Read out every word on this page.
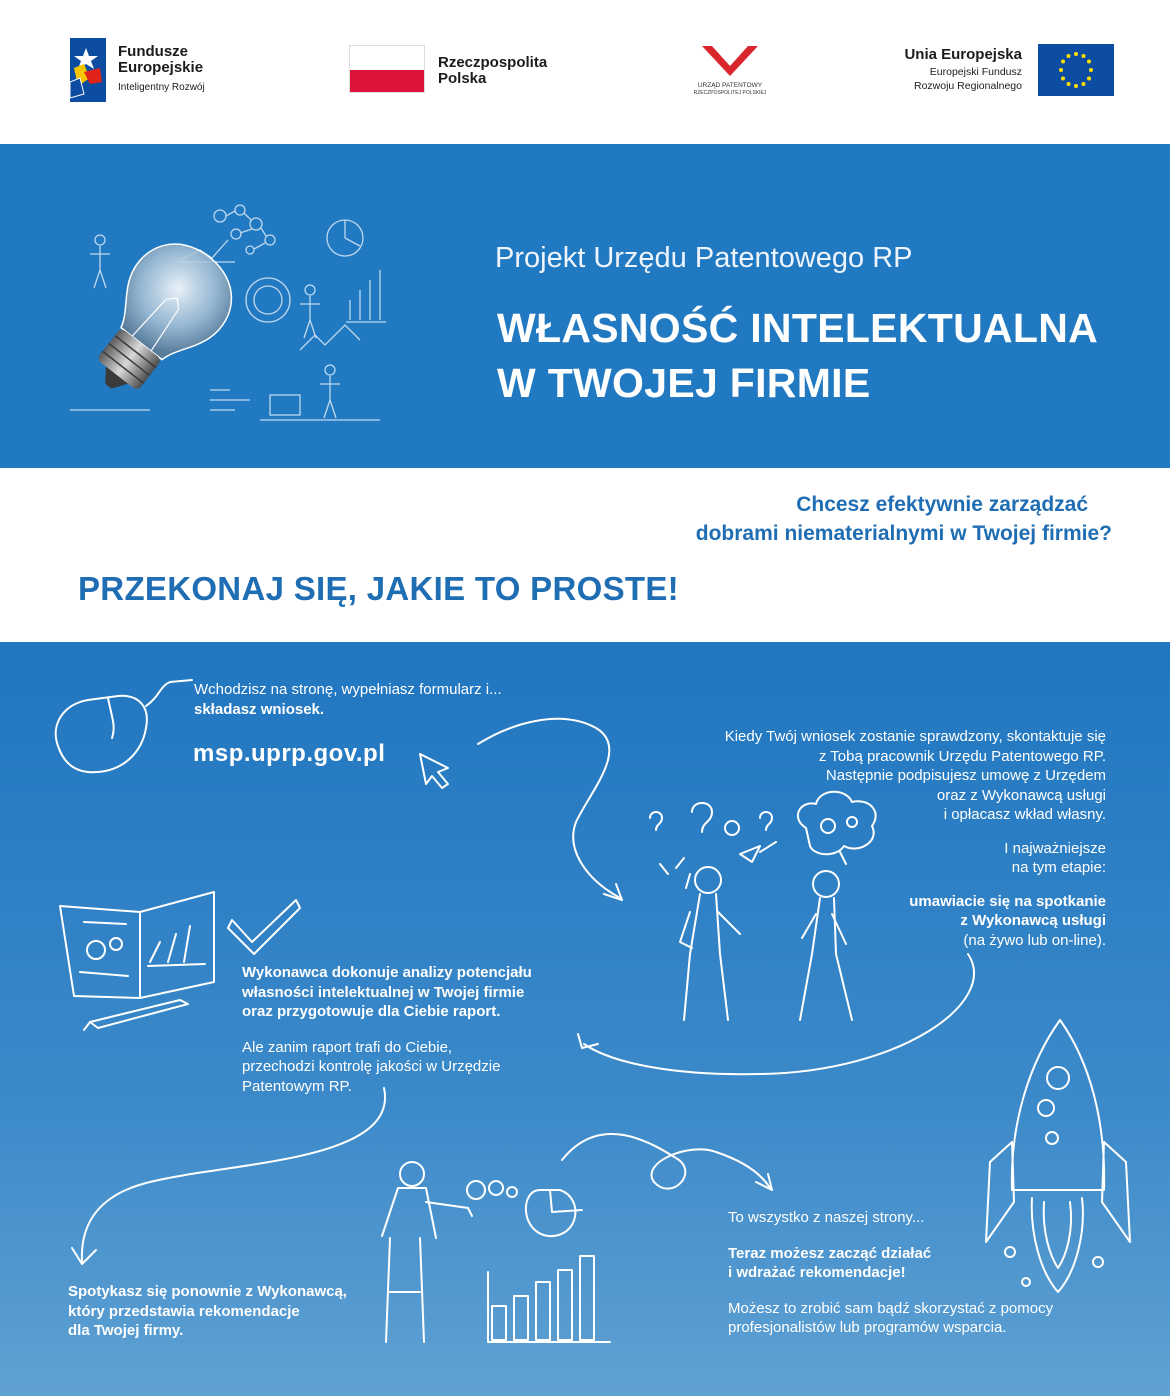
Fundusze
Europejskie
Inteligentny Rozwój
Rzeczpospolita
Polska	URZĄD PATENTOWY
RZECZPOSPOLITEJ POLSKIEJ
Unia Europejska
Europejski Fundusz
Rozwoju Regionalnego
Projekt Urzędu Patentowego RP
WŁASNOŚĆ INTELEKTUALNA
W TWOJEJ FIRMIE
Chcesz efektywnie zarządzać
dobrami niematerialnymi w Twojej firmie?
PRZEKONAJ SIĘ, JAKIE TO PROSTE!
Wchodzisz na stronę, wypełniasz formularz i...
składasz wniosek.
msp.uprp.gov.pl
Kiedy Twój wniosek zostanie sprawdzony, skontaktuje się
z Tobą pracownik Urzędu Patentowego RP.
Następnie podpisujesz umowę z Urzędem
oraz z Wykonawcą usługi
i opłacasz wkład własny.
I najważniejsze
na tym etapie:
umawiacie się na spotkanie
z Wykonawcą usługi
(na żywo lub on-line).
Wykonawca dokonuje analizy potencjału
własności intelektualnej w Twojej firmie
oraz przygotowuje dla Ciebie raport.
Ale zanim raport trafi do Ciebie,
przechodzi kontrolę jakości w Urzędzie
Patentowym RP.
Spotykasz się ponownie z Wykonawcą,
który przedstawia rekomendacje
dla Twojej firmy.
To wszystko z naszej strony...
Teraz możesz zacząć działać
i wdrażać rekomendacje!
Możesz to zrobić sam bądź skorzystać z pomocy
profesjonalistów lub programów wsparcia.
